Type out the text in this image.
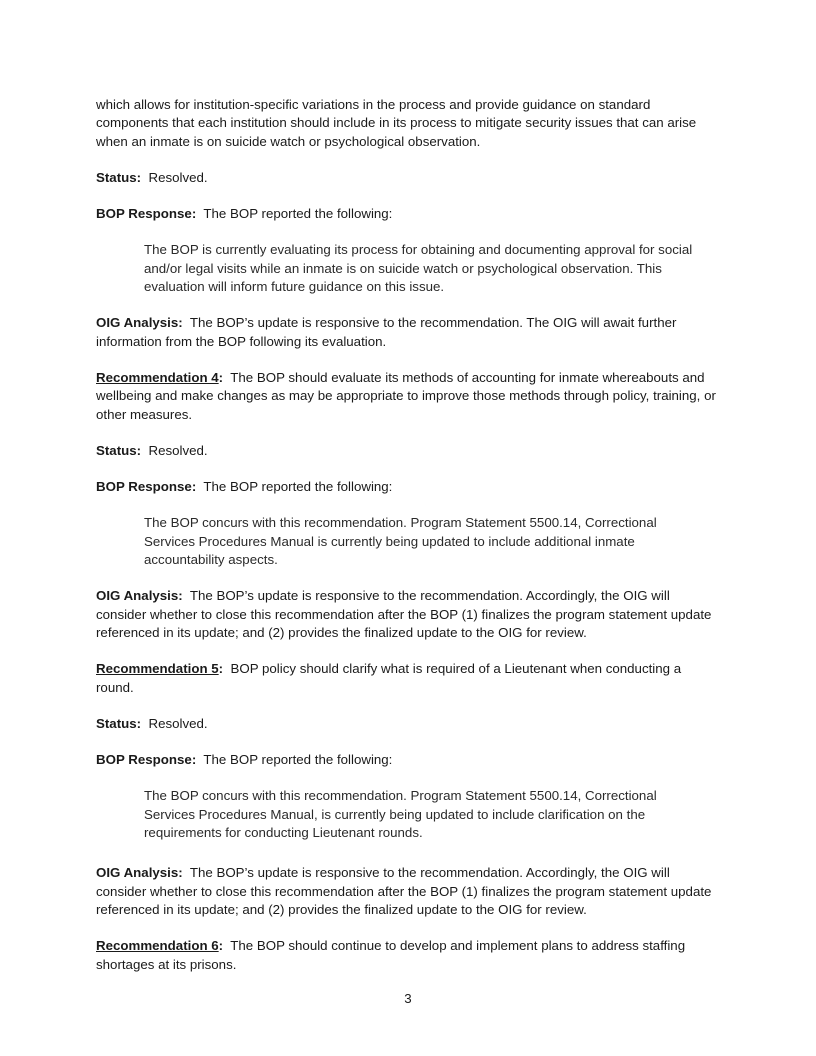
which allows for institution-specific variations in the process and provide guidance on standard components that each institution should include in its process to mitigate security issues that can arise when an inmate is on suicide watch or psychological observation.

Status: Resolved.

BOP Response: The BOP reported the following:

The BOP is currently evaluating its process for obtaining and documenting approval for social and/or legal visits while an inmate is on suicide watch or psychological observation. This evaluation will inform future guidance on this issue.

OIG Analysis: The BOP’s update is responsive to the recommendation. The OIG will await further information from the BOP following its evaluation.

Recommendation 4: The BOP should evaluate its methods of accounting for inmate whereabouts and wellbeing and make changes as may be appropriate to improve those methods through policy, training, or other measures.

Status: Resolved.

BOP Response: The BOP reported the following:

The BOP concurs with this recommendation. Program Statement 5500.14, Correctional Services Procedures Manual is currently being updated to include additional inmate accountability aspects.

OIG Analysis: The BOP’s update is responsive to the recommendation. Accordingly, the OIG will consider whether to close this recommendation after the BOP (1) finalizes the program statement update referenced in its update; and (2) provides the finalized update to the OIG for review.

Recommendation 5: BOP policy should clarify what is required of a Lieutenant when conducting a round.

Status: Resolved.

BOP Response: The BOP reported the following:

The BOP concurs with this recommendation. Program Statement 5500.14, Correctional Services Procedures Manual, is currently being updated to include clarification on the requirements for conducting Lieutenant rounds.

OIG Analysis: The BOP’s update is responsive to the recommendation. Accordingly, the OIG will consider whether to close this recommendation after the BOP (1) finalizes the program statement update referenced in its update; and (2) provides the finalized update to the OIG for review.

Recommendation 6: The BOP should continue to develop and implement plans to address staffing shortages at its prisons.

3
